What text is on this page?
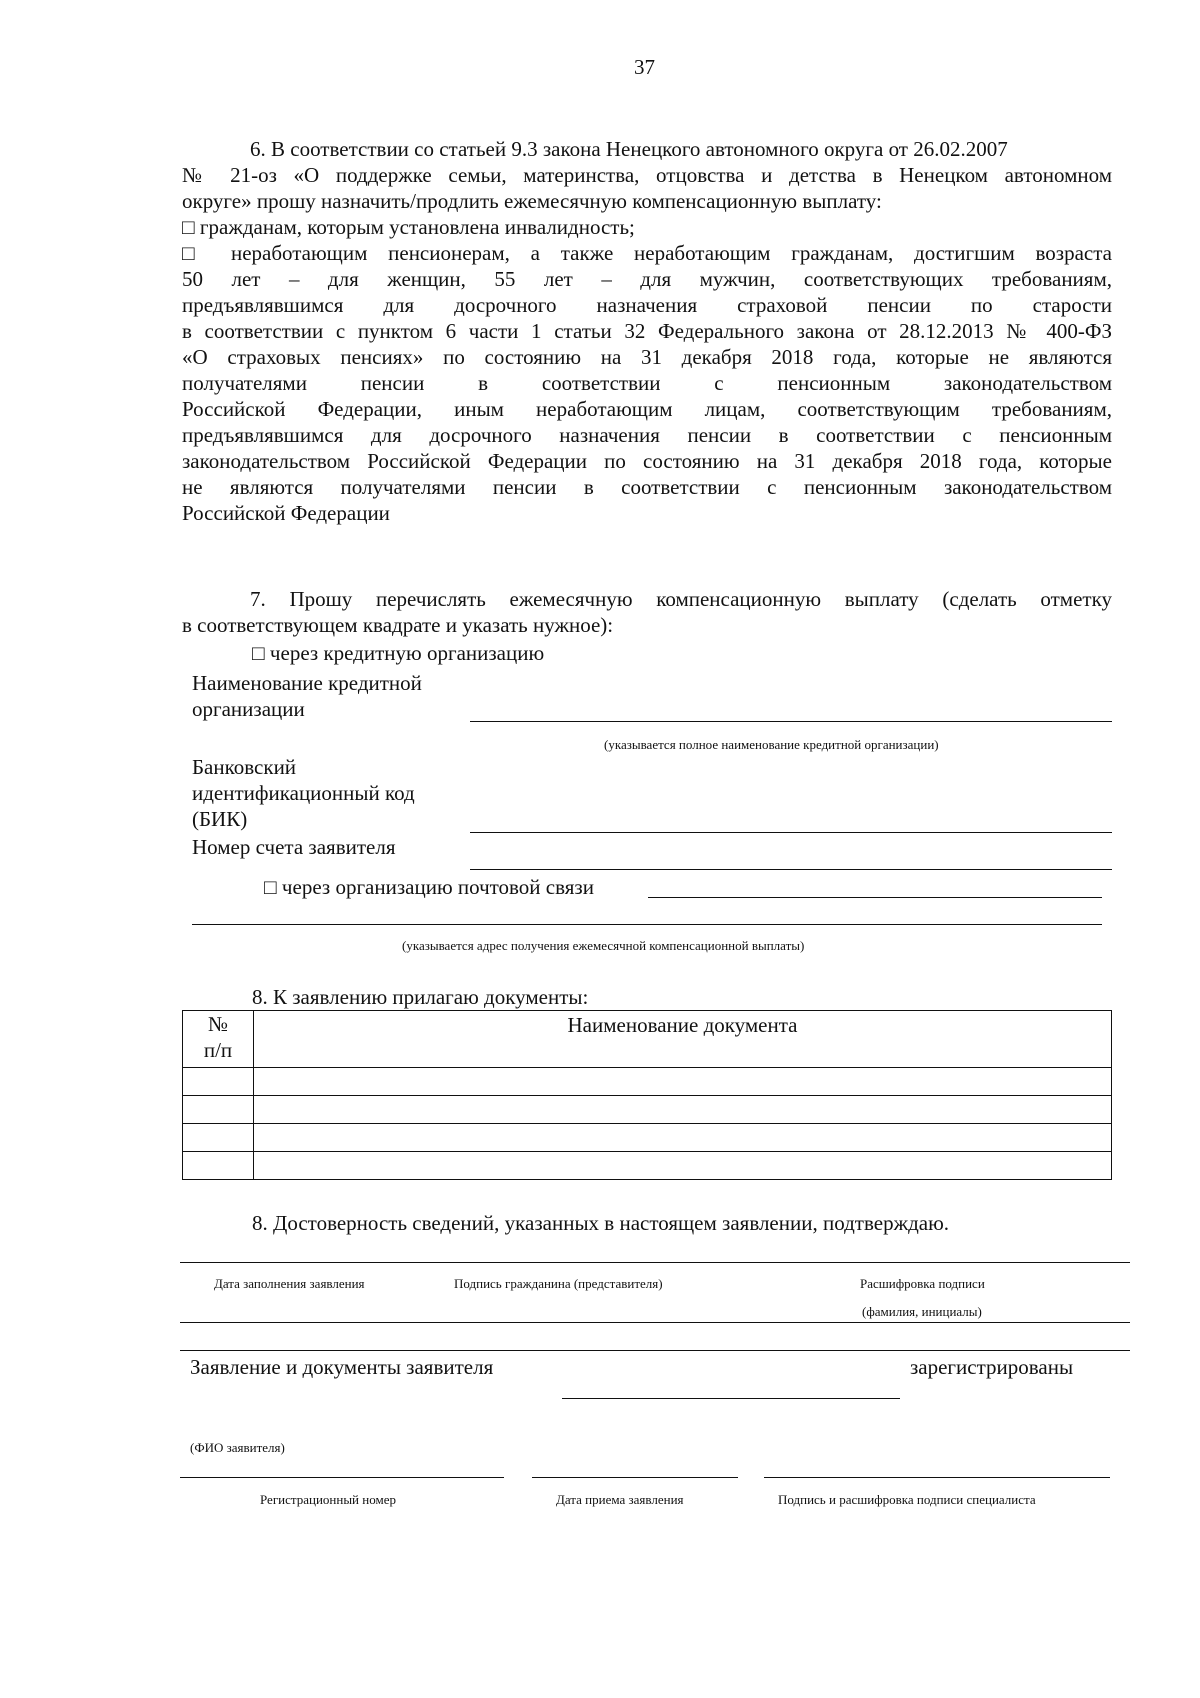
37
6. В соответствии со статьей 9.3 закона Ненецкого автономного округа от 26.02.2007
№ 21-оз «О поддержке семьи, материнства, отцовства и детства в Ненецком автономном
округе» прошу назначить/продлить ежемесячную компенсационную выплату:
□ гражданам, которым установлена инвалидность;
□ неработающим пенсионерам, а также неработающим гражданам, достигшим возраста
50 лет – для женщин, 55 лет – для мужчин, соответствующих требованиям,
предъявлявшимся для досрочного назначения страховой пенсии по старости
в соответствии с пунктом 6 части 1 статьи 32 Федерального закона от 28.12.2013 № 400-ФЗ
«О страховых пенсиях» по состоянию на 31 декабря 2018 года, которые не являются
получателями пенсии в соответствии с пенсионным законодательством
Российской Федерации, иным неработающим лицам, соответствующим требованиям,
предъявлявшимся для досрочного назначения пенсии в соответствии с пенсионным
законодательством Российской Федерации по состоянию на 31 декабря 2018 года, которые
не являются получателями пенсии в соответствии с пенсионным законодательством
Российской Федерации
7. Прошу перечислять ежемесячную компенсационную выплату (сделать отметку
в соответствующем квадрате и указать нужное):
□ через кредитную организацию
Наименование кредитной
организации
(указывается полное наименование кредитной организации)
Банковский
идентификационный код
(БИК)
Номер счета заявителя
□ через организацию почтовой связи
(указывается адрес получения ежемесячной компенсационной выплаты)
8. К заявлению прилагаю документы:
№
п/п	Наименование документа

8. Достоверность сведений, указанных в настоящем заявлении, подтверждаю.
Дата заполнения заявления	Подпись гражданина (представителя)	Расшифровка подписи
(фамилия, инициалы)
Заявление и документы заявителя	зарегистрированы
(ФИО заявителя)
Регистрационный номер	Дата приема заявления	Подпись и расшифровка подписи специалиста
